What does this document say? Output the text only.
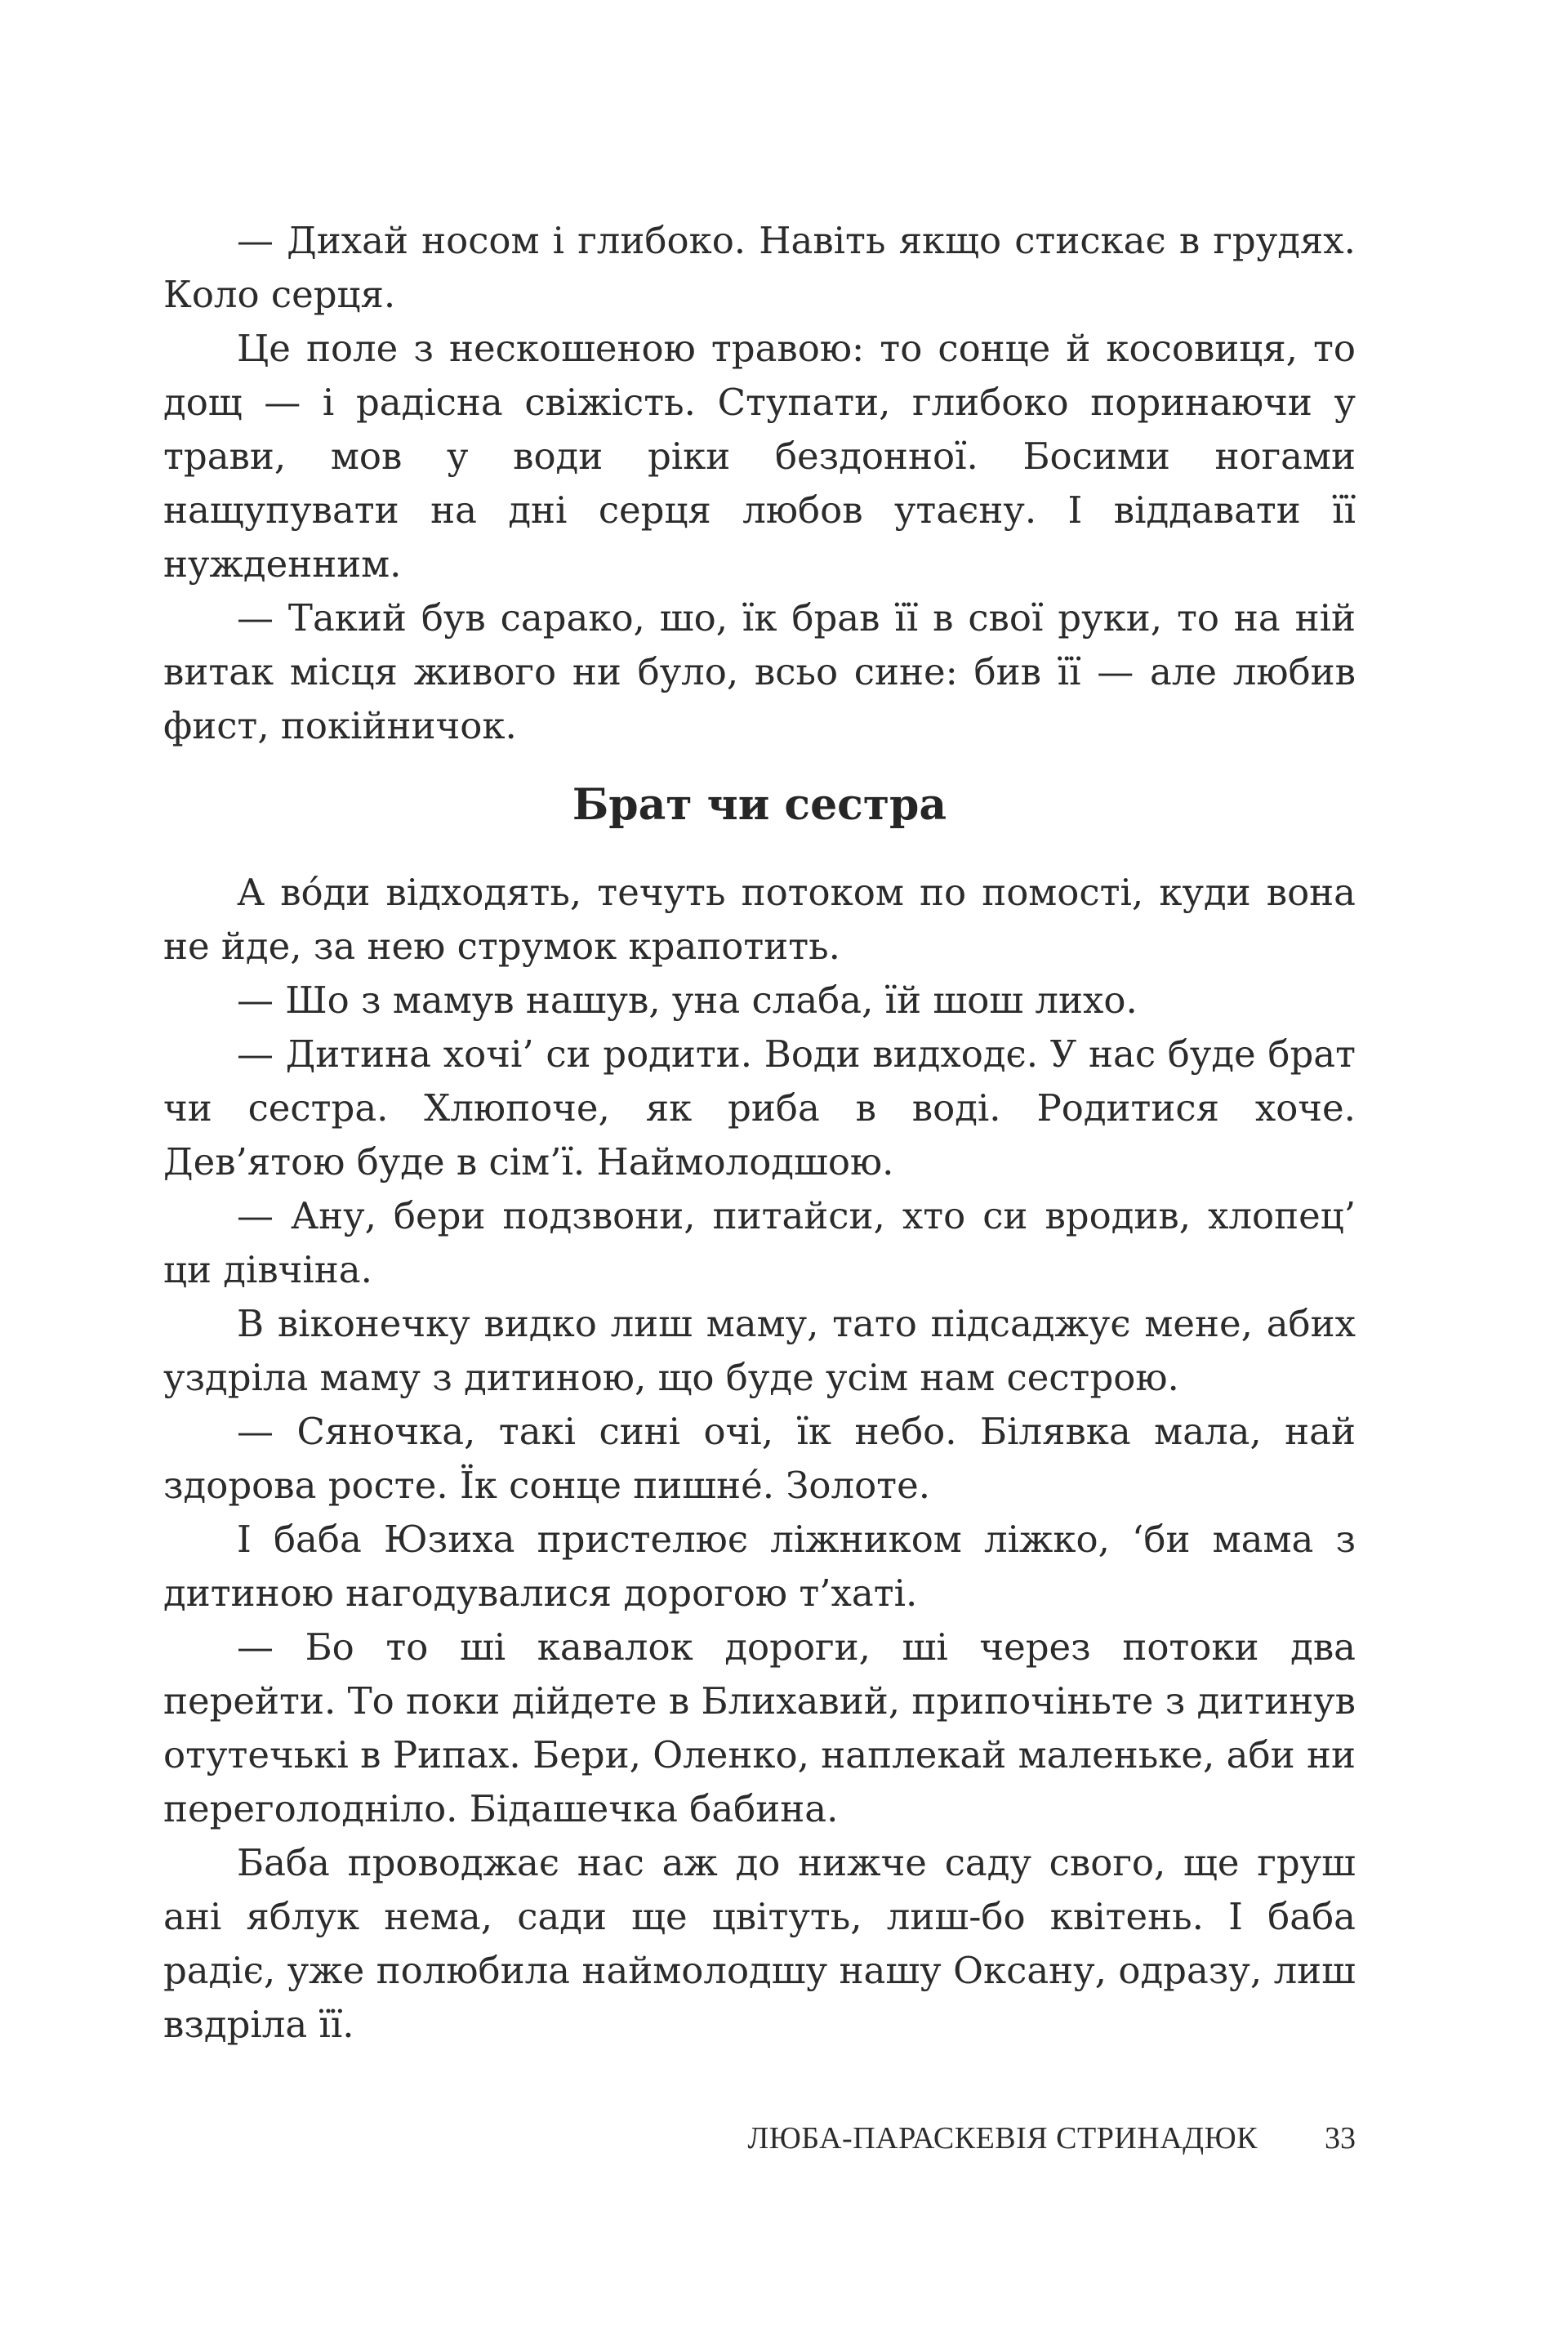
— Дихай носом і глибоко. Навіть якщо стискає в грудях. Коло серця.

Це поле з нескошеною травою: то сонце й косовиця, то дощ — і радісна свіжість. Ступати, глибоко поринаючи у трави, мов у води ріки бездонної. Босими ногами нащупувати на дні серця любов утаєну. І віддавати її нужденним.

— Такий був сарако, шо, їк брав її в свої руки, то на ній витак місця живого ни було, всьо сине: бив її — але любив фист, покійничок.

Брат чи сестра

А во́ди відходять, течуть потоком по помості, куди вона не йде, за нею струмок крапотить.

— Шо з мамув нашув, уна слаба, їй шош лихо.

— Дитина хочі’ си родити. Води видходє. У нас буде брат чи сестра. Хлюпоче, як риба в воді. Родитися хоче. Дев’ятою буде в сім’ї. Наймолодшою.

— Ану, бери подзвони, питайси, хто си вродив, хлопец’ ци дівчіна.

В віконечку видко лиш маму, тато підсаджує мене, абих уздріла маму з дитиною, що буде усім нам сестрою.

— Сяночка, такі сині очі, їк небо. Білявка мала, най здорова росте. Їк сонце пишне́. Золоте.

І баба Юзиха пристелює ліжником ліжко, ‘би мама з дитиною нагодувалися дорогою т’хаті.

— Бо то ші кавалок дороги, ші через потоки два перейти. То поки дійдете в Блихавий, припочіньте з дитинув отутечькі в Рипах. Бери, Оленко, наплекай маленьке, аби ни переголодніло. Бідашечка бабина.

Баба проводжає нас аж до нижче саду свого, ще груш ані яблук нема, сади ще цвітуть, лиш-бо квітень. І баба радіє, уже полюбила наймолодшу нашу Оксану, одразу, лиш вздріла її.

ЛЮБА-ПАРАСКЕВІЯ СТРИНАДЮК 33
